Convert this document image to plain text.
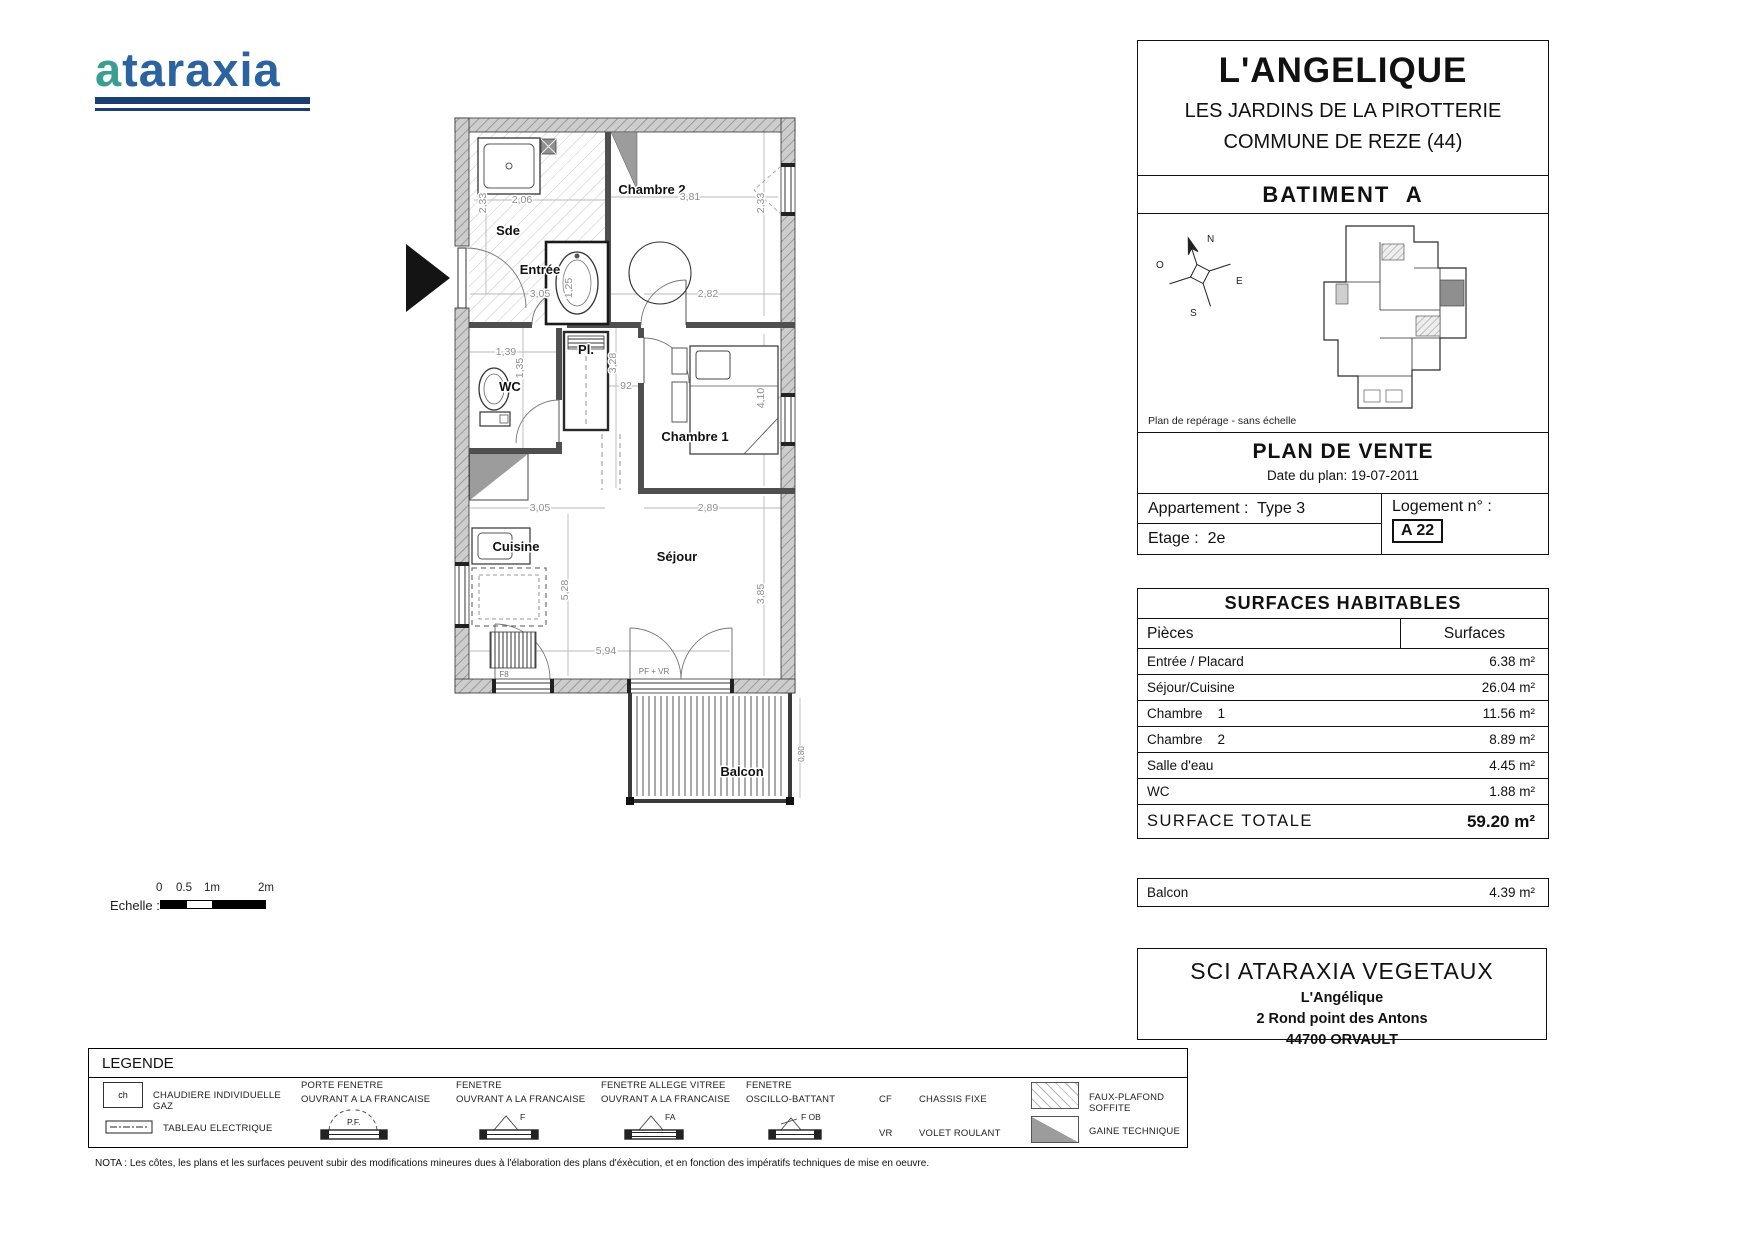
ataraxia
Chambre 2
Sde
Entrée
Pl.
WC
Chambre 1
Cuisine
Séjour
Balcon
2,33 2,06	3,81	2,33
3,05 1,25	2,82
1,39
1,35	3,28
92
4,10
3,05	2,89
5,28	3,85
5,94
F8	PF + VR
0,80
L'ANGELIQUE
LES JARDINS DE LA PIROTTERIE
COMMUNE DE REZE (44)
BATIMENT  A
N
E
S
O
Plan de repérage - sans échelle
PLAN DE VENTE
Date du plan: 19-07-2011
Appartement :  Type 3
Etage :  2e
Logement n° :
A 22
SURFACES HABITABLES
Pièces	Surfaces
Entrée / Placard	6.38 m²
Séjour/Cuisine	26.04 m²
Chambre    1	11.56 m²
Chambre    2	8.89 m²
Salle d'eau	4.45 m²
WC	1.88 m²
SURFACE TOTALE	59.20 m²
Balcon	4.39 m²
SCI ATARAXIA VEGETAUX
L'Angélique
2 Rond point des Antons
44700 ORVAULT
0 0.5 1m	2m
Echelle :
LEGENDE
ch	CHAUDIERE INDIVIDUELLE GAZ
TABLEAU ELECTRIQUE
PORTE FENETRE
OUVRANT A LA FRANCAISE
P.F.
FENETRE
OUVRANT A LA FRANCAISE
F
FENETRE ALLEGE VITREE
OUVRANT A LA FRANCAISE
FA
FENETRE
OSCILLO-BATTANT
F OB
CF	CHASSIS FIXE
VR	VOLET ROULANT
FAUX-PLAFOND SOFFITE
GAINE TECHNIQUE
NOTA : Les côtes, les plans et les surfaces peuvent subir des modifications mineures dues à l'élaboration des plans d'éxècution, et en fonction des impératifs techniques de mise en oeuvre.
